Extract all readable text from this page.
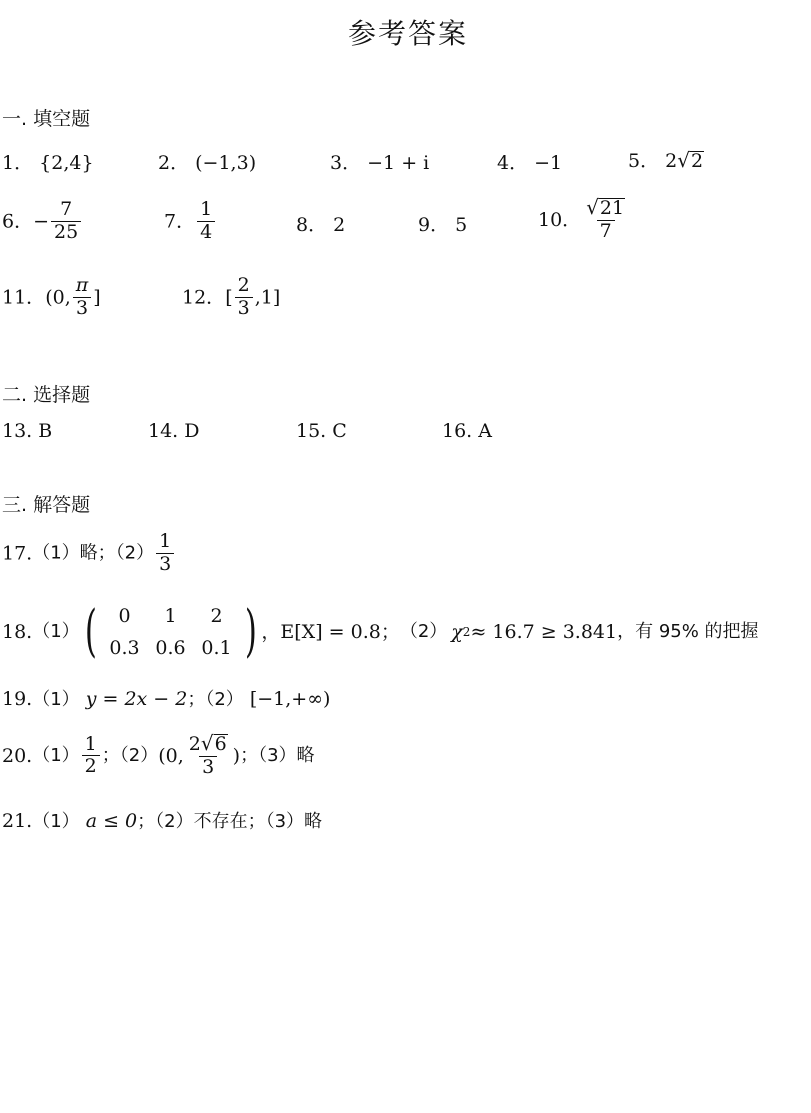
参考答案
一. 填空题
1． {2,4}	2． (−1,3)	3． −1 + i	4． −1	5． 2 √ 2
6．− $\frac{7}{25}$	7． $\frac{1}{4}$	8． 2	9． 5	10． $\frac{√ 21}{7}$
11．(0, $\frac{\pi}{3}$ ]	12．[ $\frac{2}{3} ,1$]
二. 选择题
13. B	14. D	15. C	16. A
三. 解答题
17.（1）略；$(2) \frac{1}{3}$
18. （1） (	0	1	2
0.3 0.6 0.1 ) ，E[X] = 0.8； （2） χ 2 ≈ 16.7 ≥ 3.841 ，有 95% 的把握
19.（1） y = 2x − 2；（2） [−1,+∞)
$20.(1) \frac{1}{2}$ ；（2）(0, $\frac{2 √ 6}{3}$ )；（3）略
21.（1） a ≤ 0；（2）不存在；（3）略
